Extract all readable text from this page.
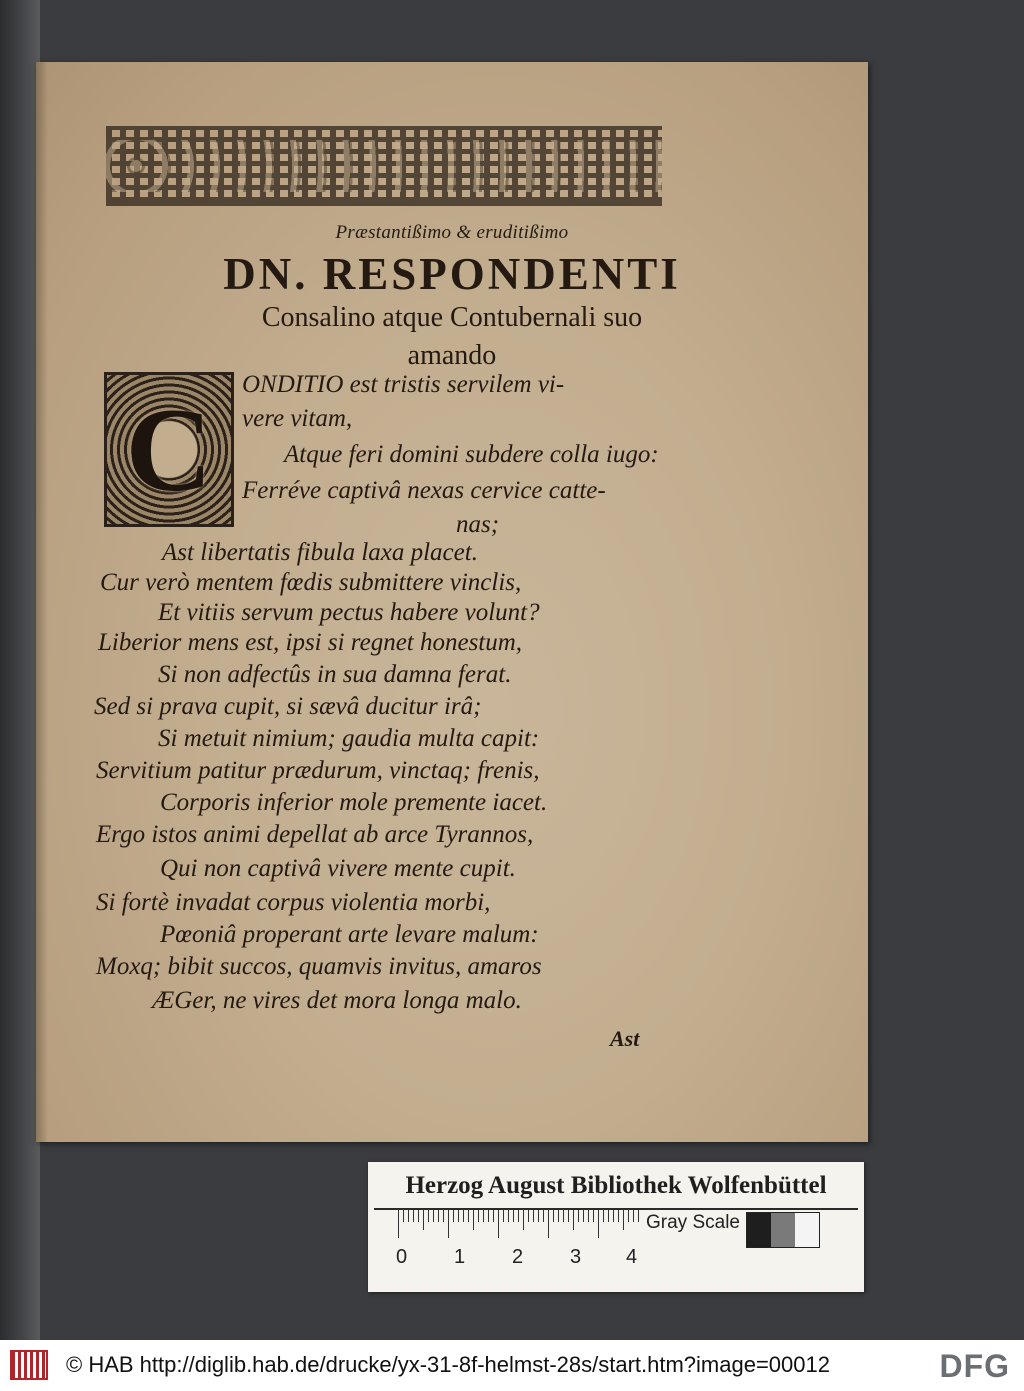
Præstantißimo & eruditißimo
DN. RESPONDENTI
Consalino atque Contubernali suo
amando
C ONDITIO est tristis servilem vi-
vere vitam,
Atque feri domini subdere colla iugo:
Ferréve captivâ nexas cervice catte-
nas;
Ast libertatis fibula laxa placet.
Cur verò mentem fœdis submittere vinclis,
Et vitiis servum pectus habere volunt?
Liberior mens est, ipsi si regnet honestum,
Si non adfectûs in sua damna ferat.
Sed si prava cupit, si sævâ ducitur irâ;
Si metuit nimium; gaudia multa capit:
Servitium patitur prædurum, vinctaq; frenis,
Corporis inferior mole premente iacet.
Ergo istos animi depellat ab arce Tyrannos,
Qui non captivâ vivere mente cupit.
Si fortè invadat corpus violentia morbi,
Pœoniâ properant arte levare malum:
Moxq; bibit succos, quamvis invitus, amaros
ÆGer, ne vires det mora longa malo.
Ast
Herzog August Bibliothek Wolfenbüttel
0 1 2 3 4
Gray Scale
© HAB http://diglib.hab.de/drucke/yx-31-8f-helmst-28s/start.htm?image=00012	DFG
